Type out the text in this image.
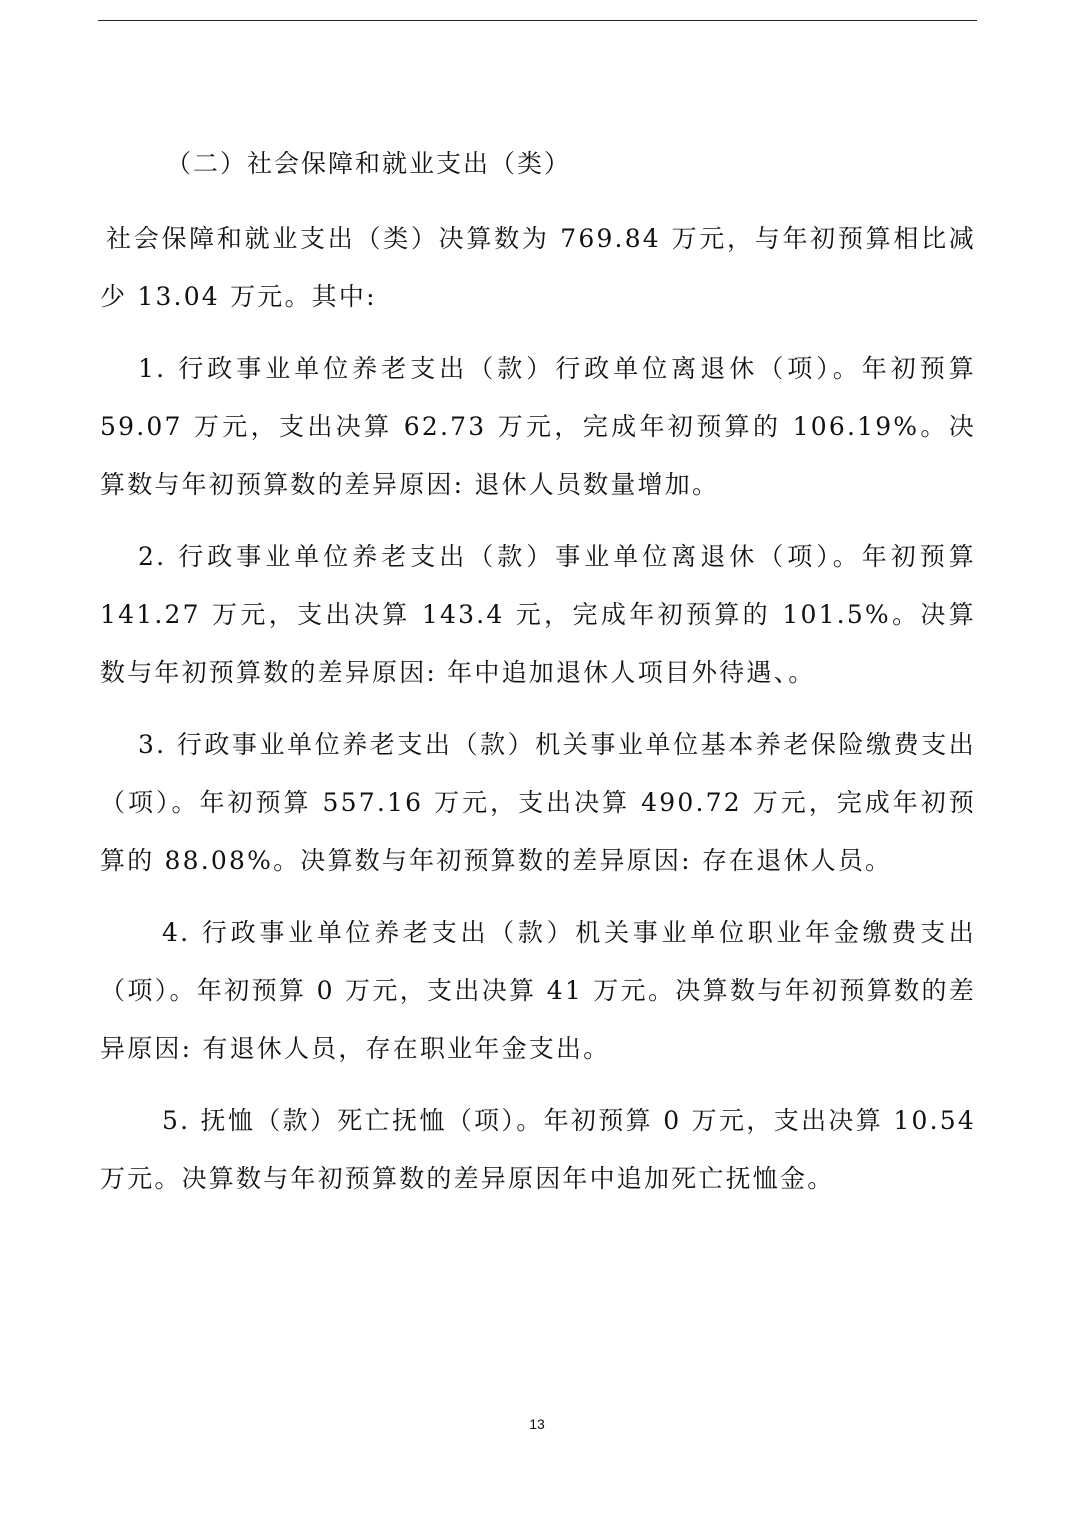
（二）社会保障和就业支出（类）

社会保障和就业支出（类）决算数为 769.84 万元，与年初预算相比减少 13.04 万元。其中:

1. 行政事业单位养老支出（款）行政单位离退休（项）。年初预算59.07 万元，支出决算 62.73 万元，完成年初预算的 106.19%。决算数与年初预算数的差异原因: 退休人员数量增加。

2. 行政事业单位养老支出（款）事业单位离退休（项）。年初预算141.27 万元，支出决算 143.4 元，完成年初预算的 101.5%。决算数与年初预算数的差异原因: 年中追加退休人项目外待遇、。

3. 行政事业单位养老支出（款）机关事业单位基本养老保险缴费支出（项）。年初预算 557.16 万元，支出决算 490.72 万元，完成年初预算的 88.08%。决算数与年初预算数的差异原因: 存在退休人员。

4. 行政事业单位养老支出（款）机关事业单位职业年金缴费支出（项）。年初预算 0 万元，支出决算 41 万元。决算数与年初预算数的差异原因: 有退休人员，存在职业年金支出。

5. 抚恤（款）死亡抚恤（项）。年初预算 0 万元，支出决算 10.54万元。决算数与年初预算数的差异原因年中追加死亡抚恤金。

13
